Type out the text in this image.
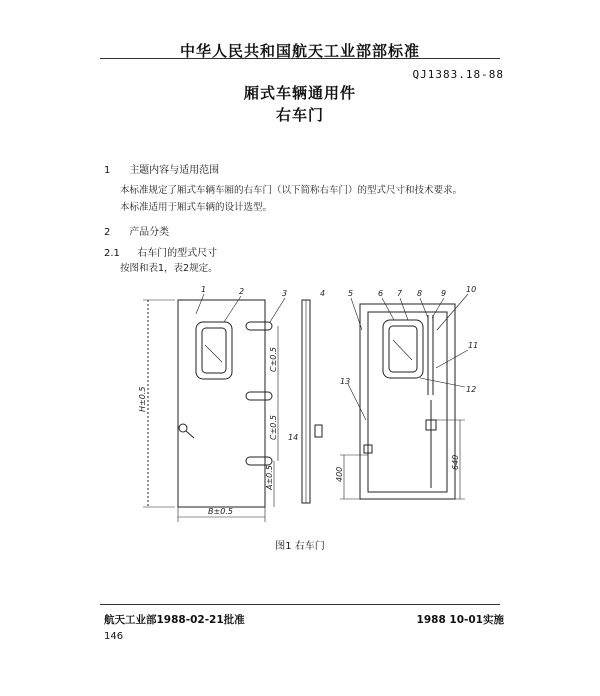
中华人民共和国航天工业部部标准
QJ1383.18-88
厢式车辆通用件
右车门
1 主题内容与适用范围
本标准规定了厢式车辆车厢的右车门（以下简称右车门）的型式尺寸和技术要求。
本标准适用于厢式车辆的设计选型。
2 产品分类
2.1 右车门的型式尺寸
按图和表1，表2规定。
1	2	3	4	5	6 7 8 9 10
11
12
13
14
H±0.5
B±0.5
C±0.5
C±0.5
A±0.5	400
640
图1 右车门
航天工业部1988-02-21批准	1988 10-01实施
146
